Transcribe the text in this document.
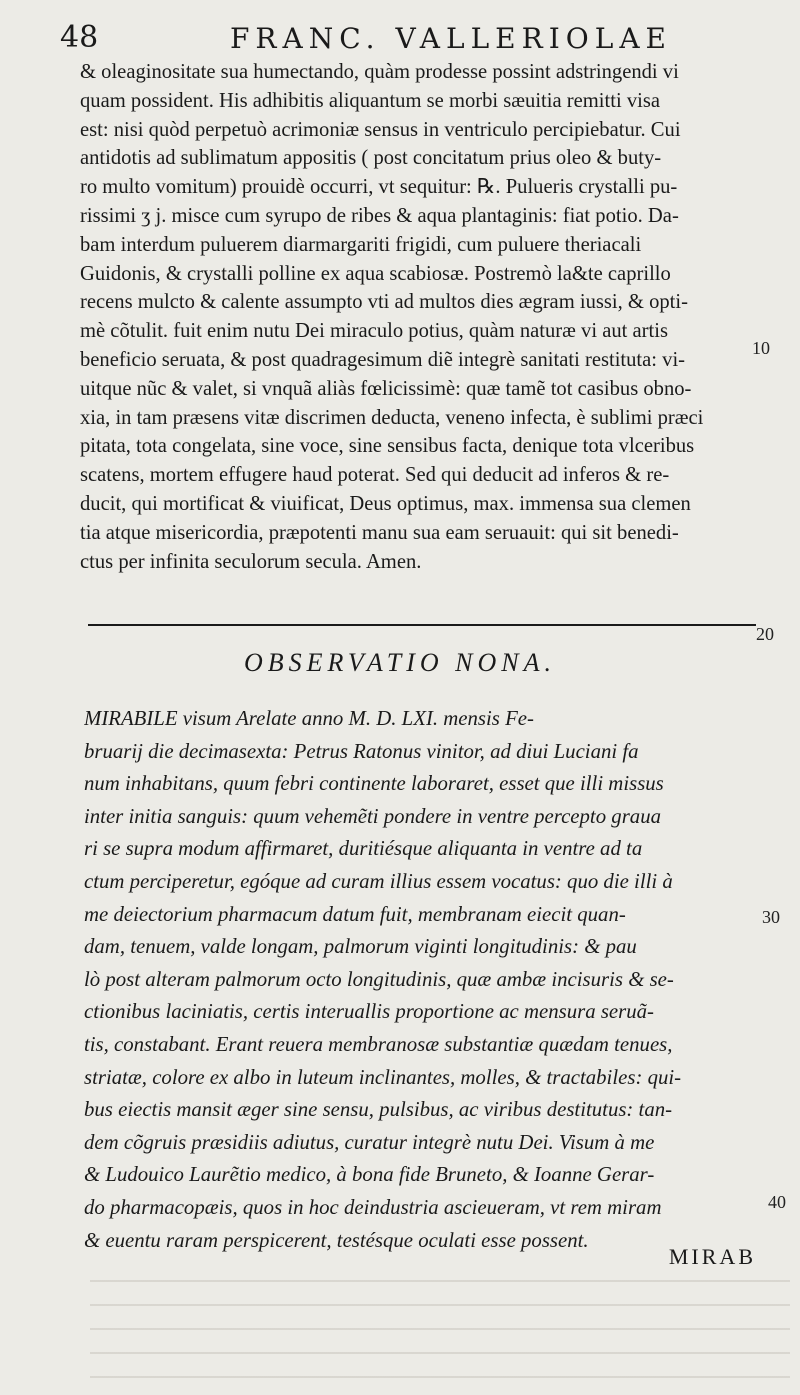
48	FRANC. VALLERIOLAE
& oleaginositate sua humectando, quàm prodesse possint adstringendi vi
quam possident. His adhibitis aliquantum se morbi sæuitia remitti visa
est: nisi quòd perpetuò acrimoniæ sensus in ventriculo percipiebatur. Cui
antidotis ad sublimatum appositis ( post concitatum prius oleo & buty-
ro multo vomitum) prouidè occurri, vt sequitur: ℞. Pulueris crystalli pu-
rissimi ʒ j. misce cum syrupo de ribes & aqua plantaginis: fiat potio. Da-
bam interdum puluerem diarmargariti frigidi, cum puluere theriacali
Guidonis, & crystalli polline ex aqua scabiosæ. Postremò la&te caprillo
recens mulcto & calente assumpto vti ad multos dies ægram iussi, & opti-
mè cõtulit. fuit enim nutu Dei miraculo potius, quàm naturæ vi aut artis
beneficio seruata, & post quadragesimum diẽ integrè sanitati restituta: vi-
uitque nũc & valet, si vnquã aliàs fœlicissimè: quæ tamẽ tot casibus obno-
xia, in tam præsens vitæ discrimen deducta, veneno infecta, è sublimi præci
pitata, tota congelata, sine voce, sine sensibus facta, denique tota vlceribus
scatens, mortem effugere haud poterat. Sed qui deducit ad inferos & re-
ducit, qui mortificat & viuificat, Deus optimus, max. immensa sua clemen
tia atque misericordia, præpotenti manu sua eam seruauit: qui sit benedi-
ctus per infinita seculorum secula. Amen.
10
20
30
40
OBSERVATIO NONA.
MIRABILE visum Arelate anno M. D. LXI. mensis Fe-
bruarij die decimasexta: Petrus Ratonus vinitor, ad diui Luciani fa
num inhabitans, quum febri continente laboraret, esset que illi missus
inter initia sanguis: quum vehemẽti pondere in ventre percepto graua
ri se supra modum affirmaret, duritiésque aliquanta in ventre ad ta
ctum perciperetur, egóque ad curam illius essem vocatus: quo die illi à
me deiectorium pharmacum datum fuit, membranam eiecit quan-
dam, tenuem, valde longam, palmorum viginti longitudinis: & pau
lò post alteram palmorum octo longitudinis, quæ ambæ incisuris & se-
ctionibus laciniatis, certis interuallis proportione ac mensura seruã-
tis, constabant. Erant reuera membranosæ substantiæ quædam tenues,
striatæ, colore ex albo in luteum inclinantes, molles, & tractabiles: qui-
bus eiectis mansit æger sine sensu, pulsibus, ac viribus destitutus: tan-
dem cõgruis præsidiis adiutus, curatur integrè nutu Dei. Visum à me
& Ludouico Laurẽtio medico, à bona fide Bruneto, & Ioanne Gerar-
do pharmacopæis, quos in hoc deindustria ascieueram, vt rem miram
& euentu raram perspicerent, testésque oculati esse possent.
MIRAB
